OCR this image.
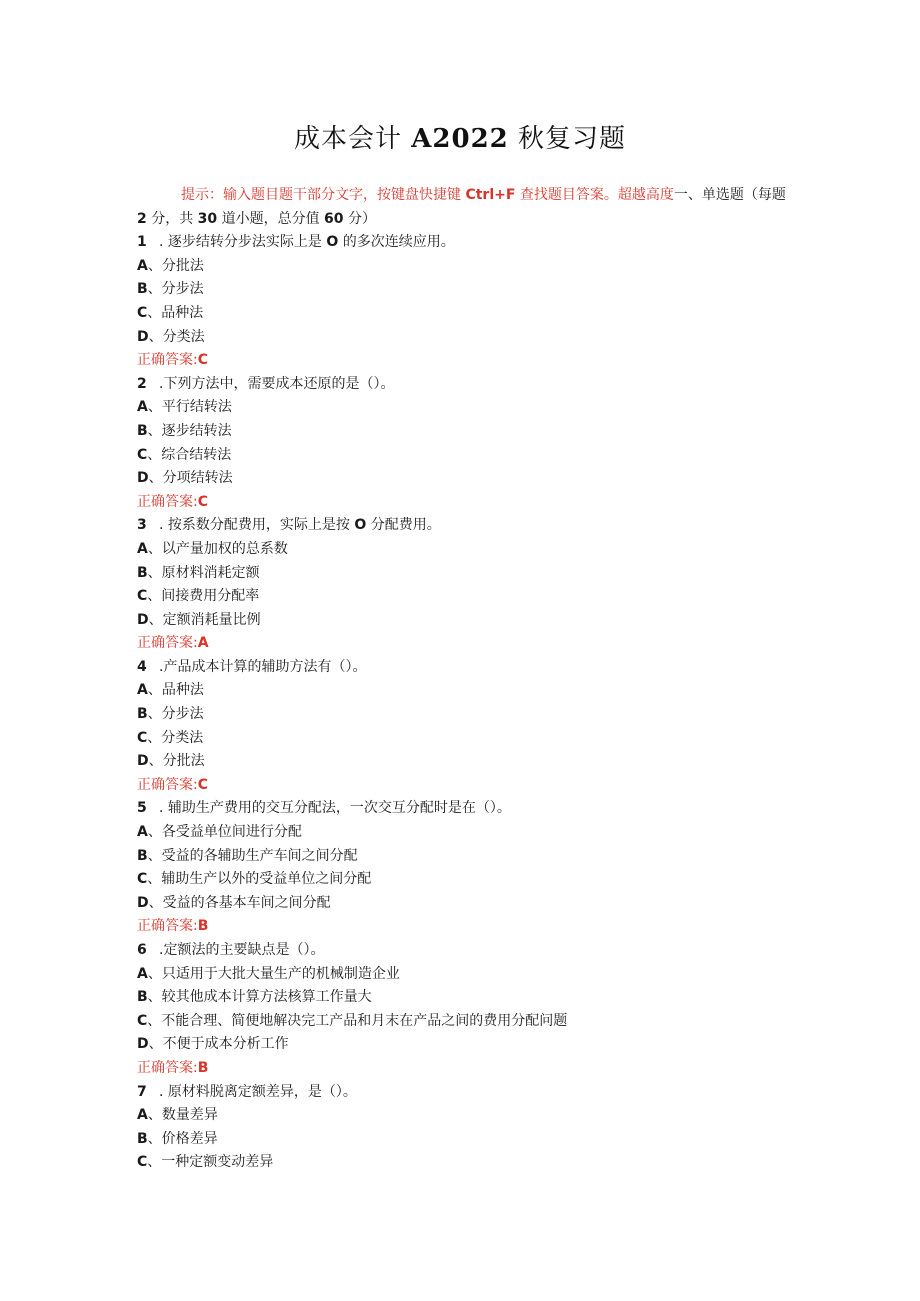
成本会计 A2022 秋复习题

提示：输入题目题干部分文字，按键盘快捷键 Ctrl+F 查找题目答案。超越高度一、单选题（每题 2 分，共 30 道小题，总分值 60 分）

1 . 逐步结转分步法实际上是 O 的多次连续应用。
A、分批法
B、分步法
C、品种法
D、分类法
正确答案:C
2 .下列方法中，需要成本还原的是（）。
A、平行结转法
B、逐步结转法
C、综合结转法
D、分项结转法
正确答案:C
3 . 按系数分配费用，实际上是按 O 分配费用。
A、以产量加权的总系数
B、原材料消耗定额
C、间接费用分配率
D、定额消耗量比例
正确答案:A
4 .产品成本计算的辅助方法有（）。
A、品种法
B、分步法
C、分类法
D、分批法
正确答案:C
5 . 辅助生产费用的交互分配法，一次交互分配时是在（）。
A、各受益单位间进行分配
B、受益的各辅助生产车间之间分配
C、辅助生产以外的受益单位之间分配
D、受益的各基本车间之间分配
正确答案:B
6 .定额法的主要缺点是（）。
A、只适用于大批大量生产的机械制造企业
B、较其他成本计算方法核算工作量大
C、不能合理、简便地解决完工产品和月末在产品之间的费用分配问题
D、不便于成本分析工作
正确答案:B
7 . 原材料脱离定额差异，是（）。
A、数量差异
B、价格差异
C、一种定额变动差异
